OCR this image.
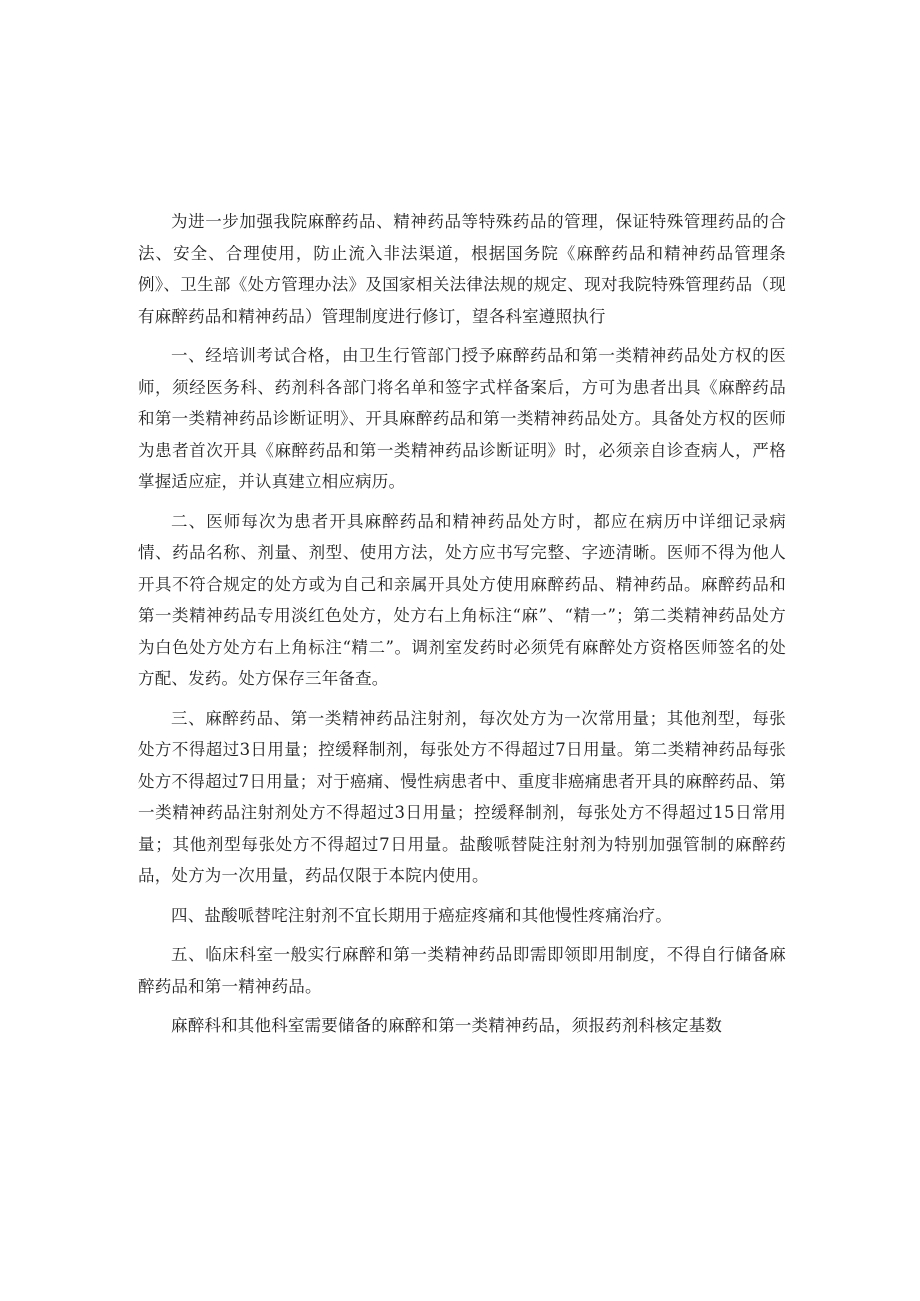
为进一步加强我院麻醉药品、精神药品等特殊药品的管理，保证特殊管理药品的合法、安全、合理使用，防止流入非法渠道，根据国务院《麻醉药品和精神药品管理条例》、卫生部《处方管理办法》及国家相关法律法规的规定、现对我院特殊管理药品（现有麻醉药品和精神药品）管理制度进行修订，望各科室遵照执行

一、经培训考试合格，由卫生行管部门授予麻醉药品和第一类精神药品处方权的医师，须经医务科、药剂科各部门将名单和签字式样备案后，方可为患者出具《麻醉药品和第一类精神药品诊断证明》、开具麻醉药品和第一类精神药品处方。具备处方权的医师为患者首次开具《麻醉药品和第一类精神药品诊断证明》时，必须亲自诊查病人，严格掌握适应症，并认真建立相应病历。

二、医师每次为患者开具麻醉药品和精神药品处方时，都应在病历中详细记录病情、药品名称、剂量、剂型、使用方法，处方应书写完整、字迹清晰。医师不得为他人开具不符合规定的处方或为自己和亲属开具处方使用麻醉药品、精神药品。麻醉药品和第一类精神药品专用淡红色处方，处方右上角标注“麻”、“精一”；第二类精神药品处方为白色处方处方右上角标注“精二”。调剂室发药时必须凭有麻醉处方资格医师签名的处方配、发药。处方保存三年备查。

三、麻醉药品、第一类精神药品注射剂，每次处方为一次常用量；其他剂型，每张处方不得超过3日用量；控缓释制剂，每张处方不得超过7日用量。第二类精神药品每张处方不得超过7日用量；对于癌痛、慢性病患者中、重度非癌痛患者开具的麻醉药品、第一类精神药品注射剂处方不得超过3日用量；控缓释制剂，每张处方不得超过15日常用量；其他剂型每张处方不得超过7日用量。盐酸哌替陡注射剂为特别加强管制的麻醉药品，处方为一次用量，药品仅限于本院内使用。

四、盐酸哌替咤注射剂不宜长期用于癌症疼痛和其他慢性疼痛治疗。

五、临床科室一般实行麻醉和第一类精神药品即需即领即用制度，不得自行储备麻醉药品和第一精神药品。

麻醉科和其他科室需要储备的麻醉和第一类精神药品，须报药剂科核定基数
